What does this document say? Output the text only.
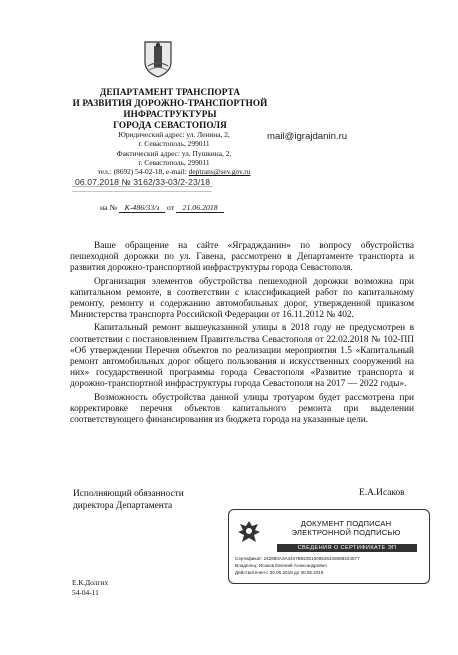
ДЕПАРТАМЕНТ ТРАНСПОРТА
И РАЗВИТИЯ ДОРОЖНО-ТРАНСПОРТНОЙ
ИНФРАСТРУКТУРЫ
ГОРОДА СЕВАСТОПОЛЯ
Юридический адрес: ул. Ленина, 2,
г. Севастополь, 299011
Фактический адрес: ул. Пушкина, 2,
г. Севастополь, 299011
тел.: (8692) 54-02-18, e-mail: deptrans@sev.gov.ru
06.07.2018 № 3162/33-03/2-23/18
на № К-486/33/з от 21.06.2018
mail@igrajdanin.ru

Ваше обращение на сайте «Яграджданин» по вопросу обустройства пешеходной дорожки по ул. Гавена, рассмотрено в Департаменте транспорта и развития дорожно-транспортной инфраструктуры города Севастополя.

Организация элементов обустройства пешеходной дорожки возможна при капитальном ремонте, в соответствии с классификацией работ по капитальному ремонту, ремонту и содержанию автомобильных дорог, утвержденной приказом Министерства транспорта Российской Федерации от 16.11.2012 № 402.

Капитальный ремонт вышеуказанной улицы в 2018 году не предусмотрен в соответствии с постановлением Правительства Севастополя от 22.02.2018 № 102-ПП «Об утверждении Перечня объектов по реализации мероприятия 1.5 «Капитальный ремонт автомобильных дорог общего пользования и искусственных сооружений на них» государственной программы города Севастополя «Развитие транспорта и дорожно-транспортной инфраструктуры города Севастополя на 2017 — 2022 годы».

Возможность обустройства данной улицы тротуаром будет рассмотрена при корректировке перечня объектов капитального ремонта при выделении соответствующего финансирования из бюджета города на указанные цели.

Исполняющий обязанности
директора Департамента
Е.А.Исаков
ДОКУМЕНТ ПОДПИСАН
ЭЛЕКТРОННОЙ ПОДПИСЬЮ
СВЕДЕНИЯ О СЕРТИФИКАТЕ ЭП
Сертификат: 242860A3A4447B92301009546436088424577
Владелец: Исаков Евгений Александрович
Действителен с 30.05.2018 до 30.05.2019
Е.К.Долгих
54-04-11
